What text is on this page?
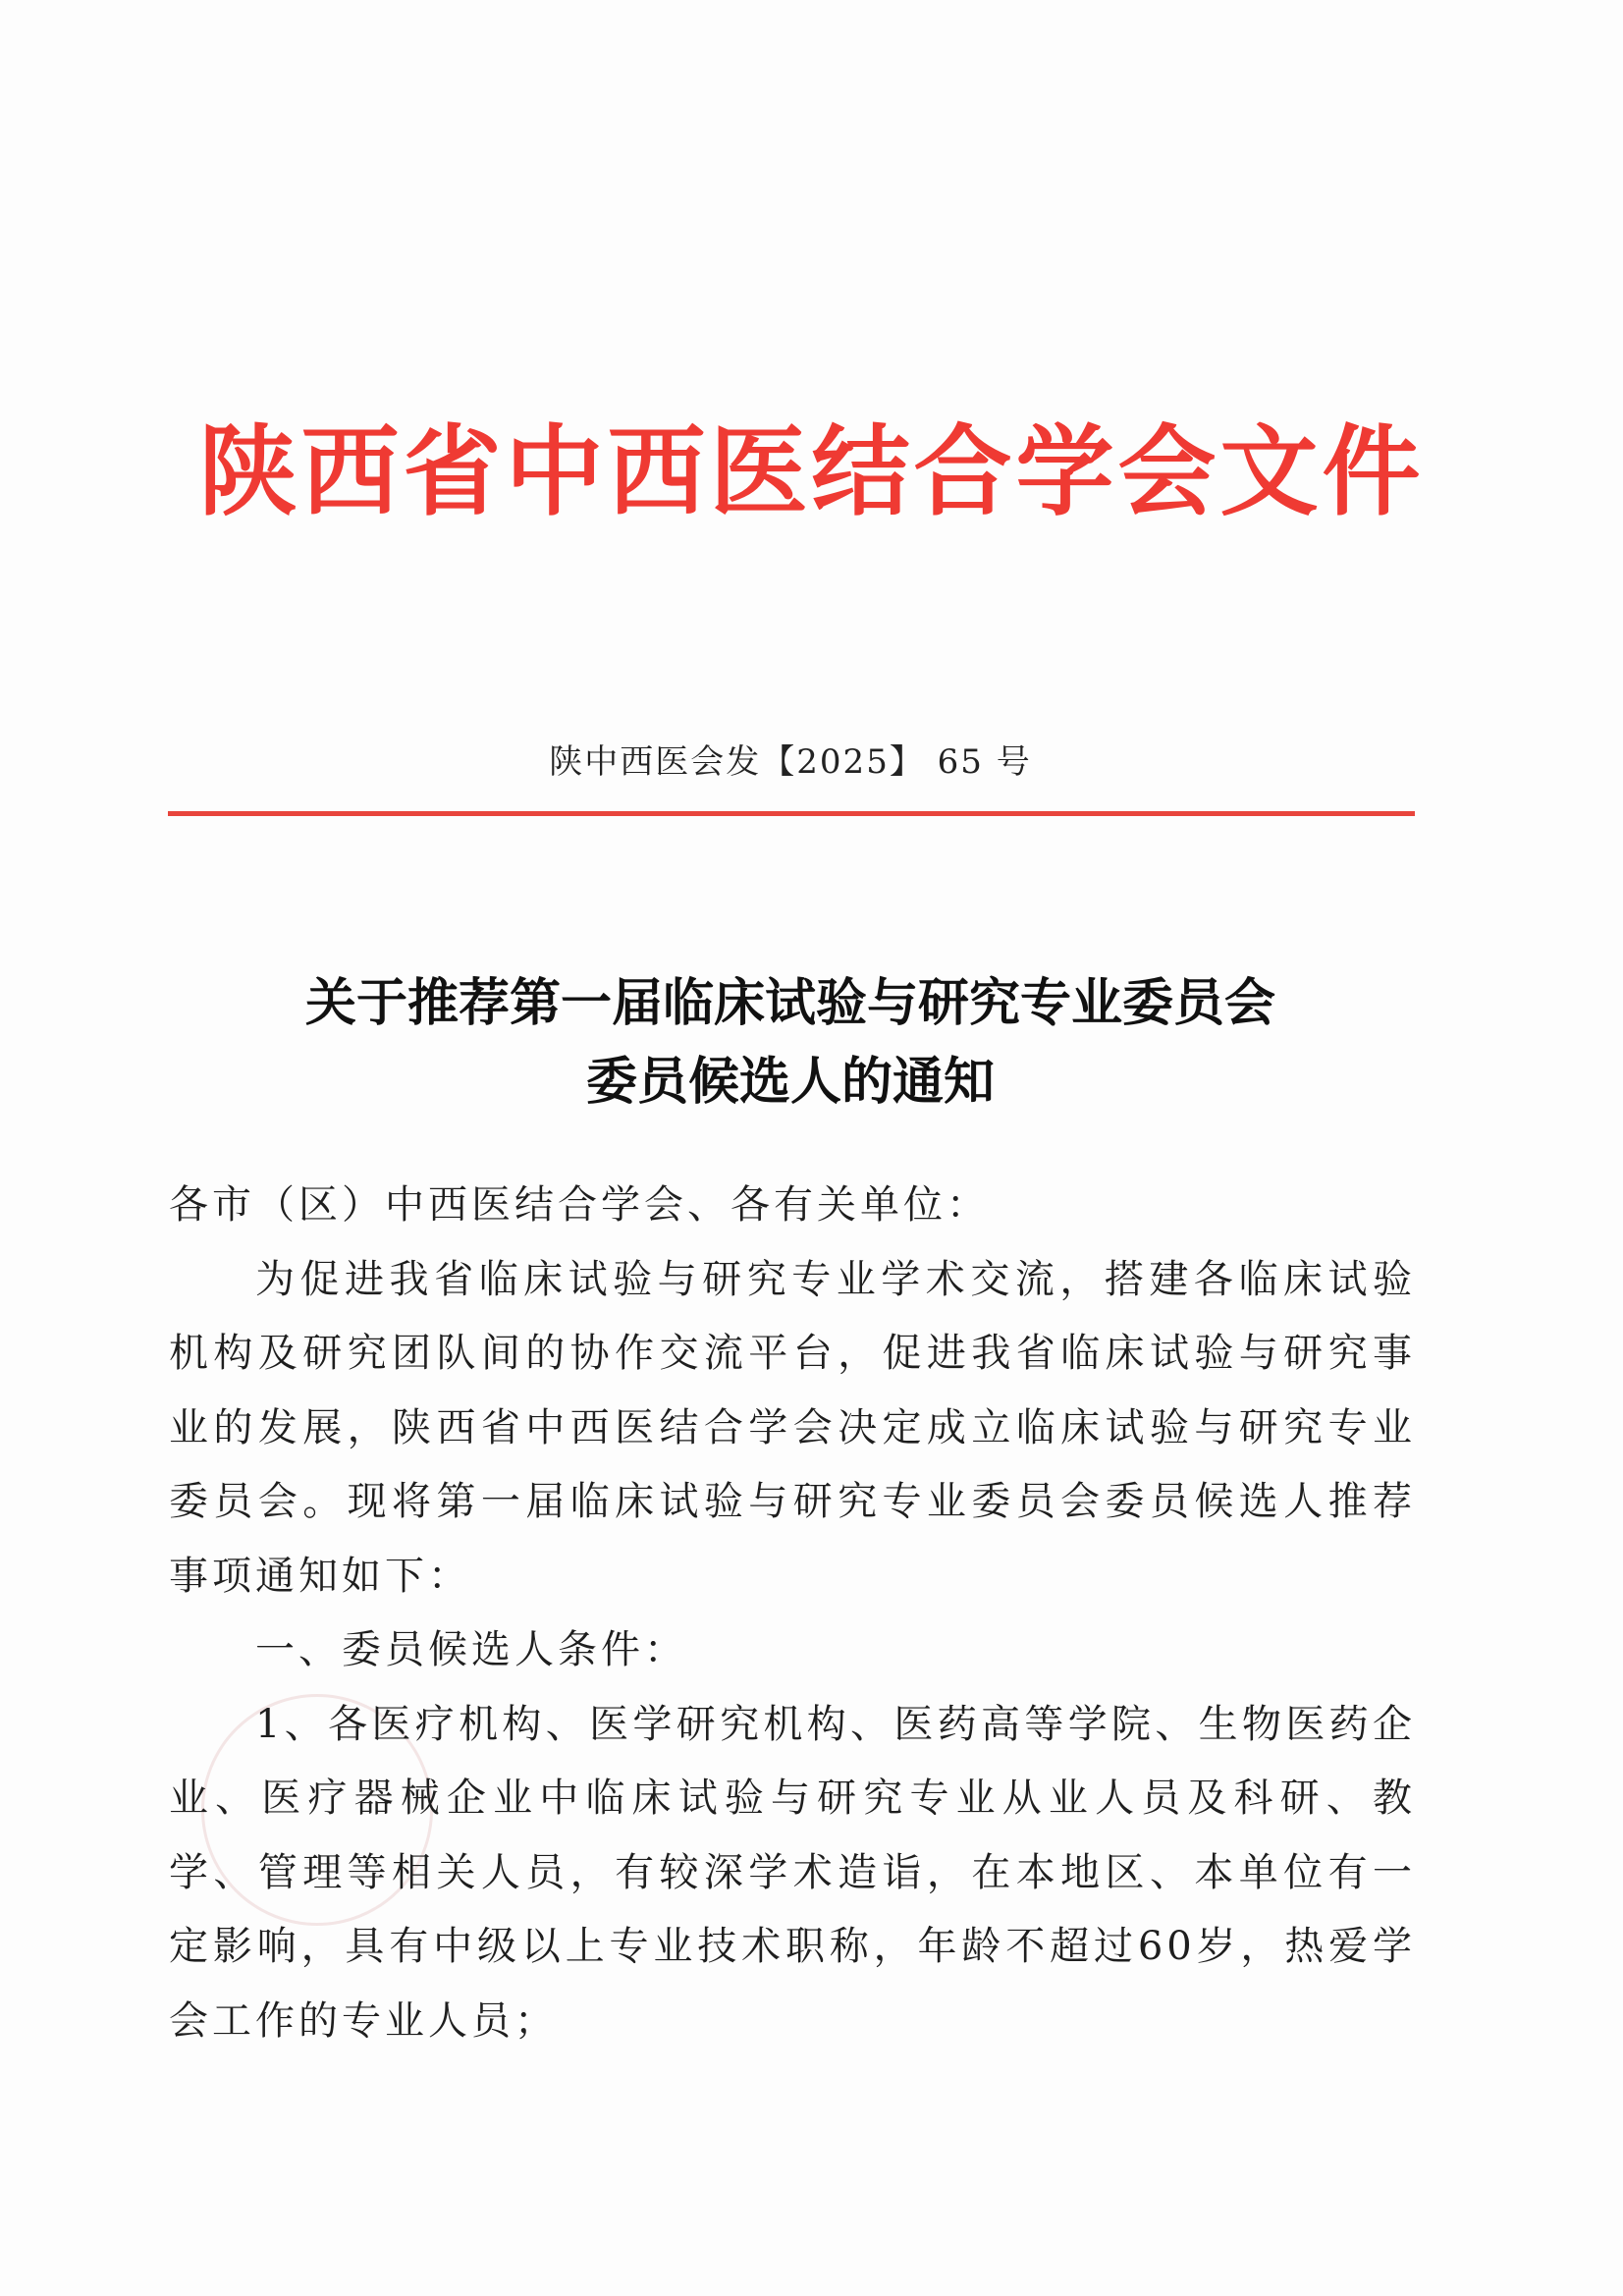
陕西省中西医结合学会文件
陕中西医会发【2025】 65 号
关于推荐第一届临床试验与研究专业委员会
委员候选人的通知

各市（区）中西医结合学会、各有关单位：

为促进我省临床试验与研究专业学术交流，搭建各临床试验机构及研究团队间的协作交流平台，促进我省临床试验与研究事业的发展，陕西省中西医结合学会决定成立临床试验与研究专业委员会。现将第一届临床试验与研究专业委员会委员候选人推荐事项通知如下：

一、委员候选人条件：

1、各医疗机构、医学研究机构、医药高等学院、生物医药企业、医疗器械企业中临床试验与研究专业从业人员及科研、教学、管理等相关人员，有较深学术造诣，在本地区、本单位有一定影响，具有中级以上专业技术职称，年龄不超过60岁，热爱学会工作的专业人员；
